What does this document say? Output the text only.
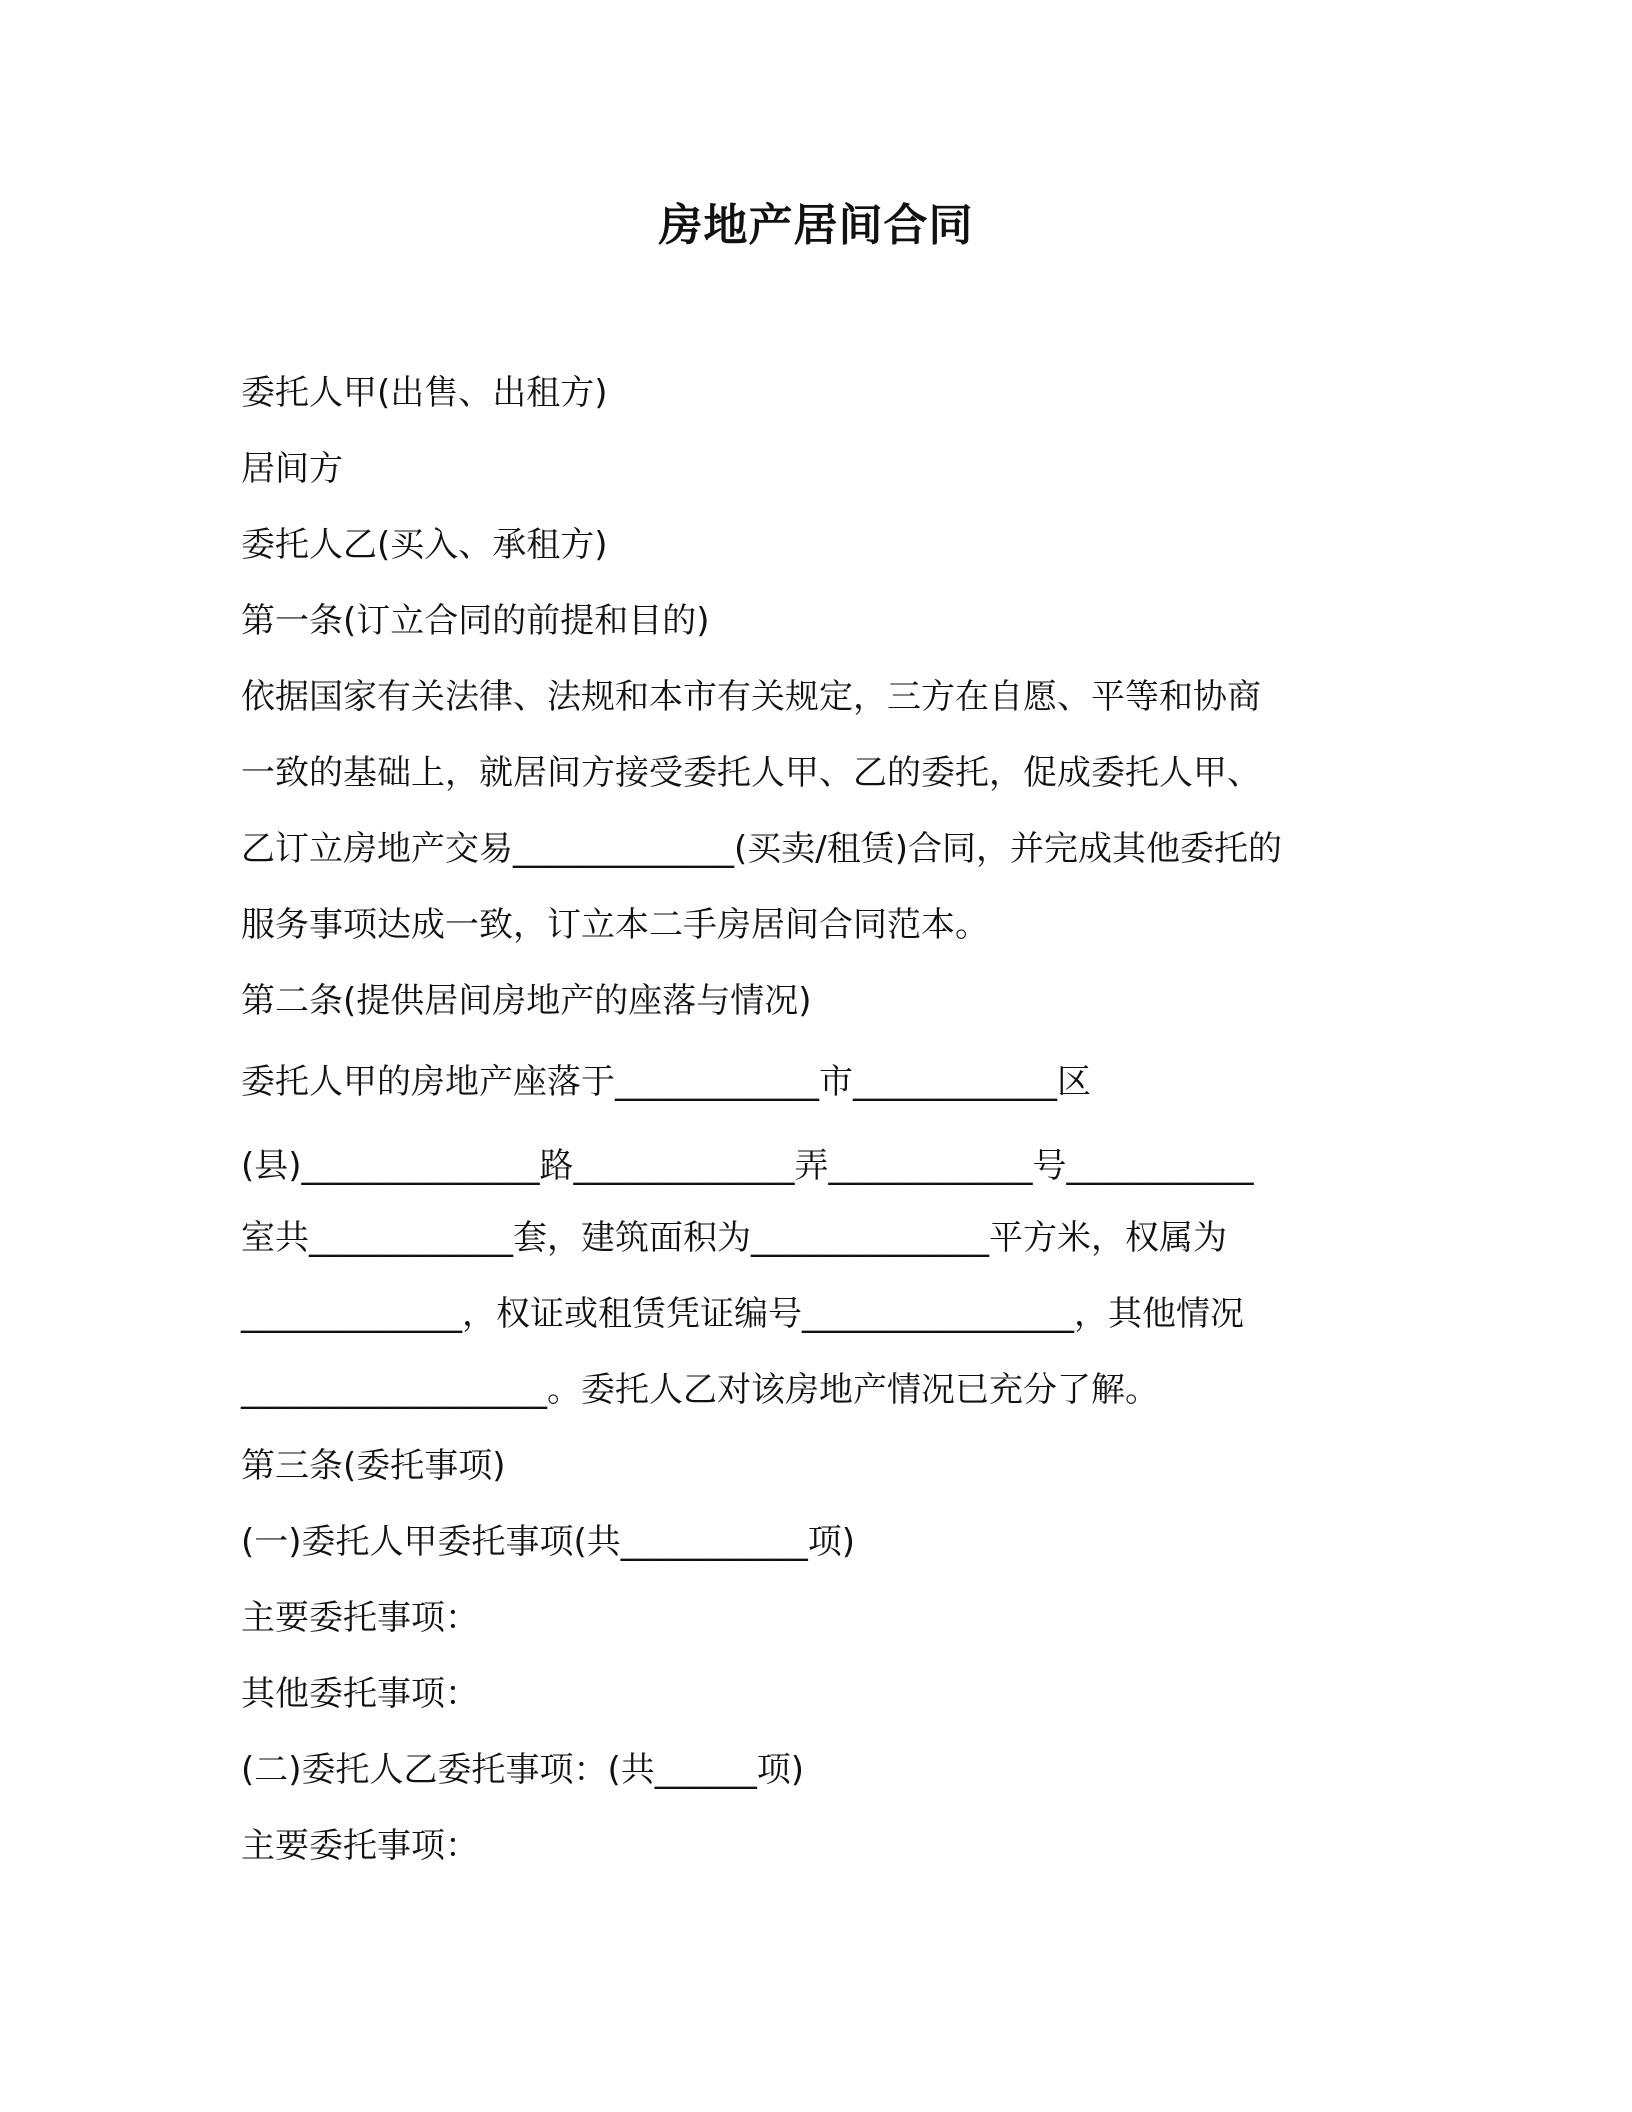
房地产居间合同
委托人甲(出售、出租方)
居间方
委托人乙(买入、承租方)
第一条(订立合同的前提和目的)
依据国家有关法律、法规和本市有关规定，三方在自愿、平等和协商
一致的基础上，就居间方接受委托人甲、乙的委托，促成委托人甲、
乙订立房地产交易_____________(买卖/租赁)合同，并完成其他委托的
服务事项达成一致，订立本二手房居间合同范本。
第二条(提供居间房地产的座落与情况)
委托人甲的房地产座落于____________市____________区
(县)______________路_____________弄____________号___________
室共____________套，建筑面积为______________平方米，权属为
_____________，权证或租赁凭证编号________________，其他情况
__________________。委托人乙对该房地产情况已充分了解。
第三条(委托事项)
(一)委托人甲委托事项(共___________项)
主要委托事项：
其他委托事项：
(二)委托人乙委托事项：(共______项)
主要委托事项：
